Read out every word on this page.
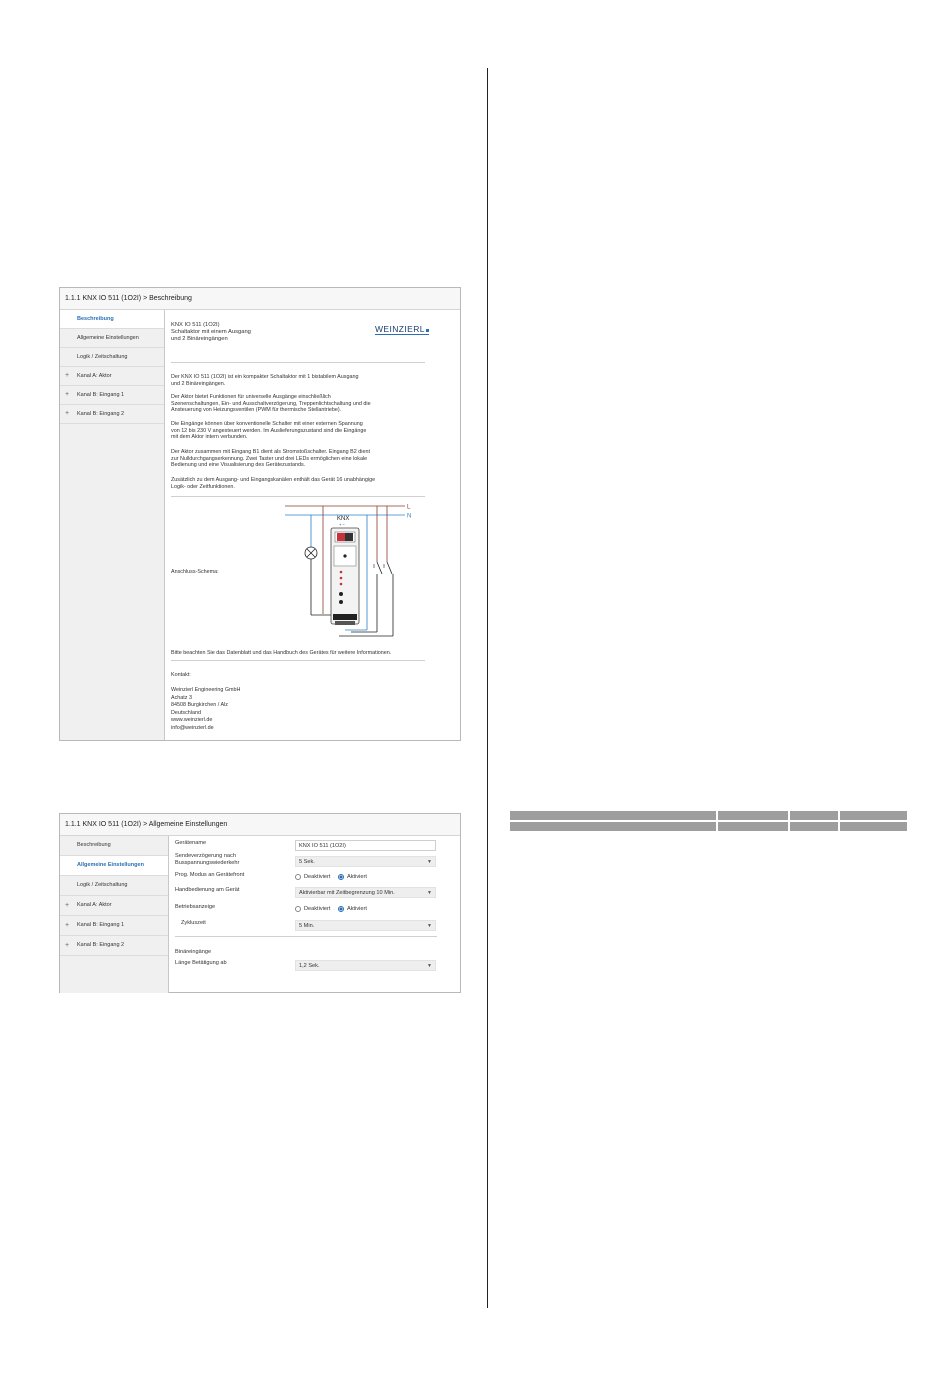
1.1.1 KNX IO 511 (1O2I) > Beschreibung
Beschreibung
Allgemeine Einstellungen
Logik / Zeitschaltung
+ Kanal A: Aktor
+ Kanal B: Eingang 1
+ Kanal B: Eingang 2
KNX IO 511 (1O2I)
Schaltaktor mit einem Ausgang
und 2 Binäreingängen
WEINZIERL
Der KNX IO 511 (1O2I) ist ein kompakter Schaltaktor mit 1 bistabilem Ausgang
und 2 Binäreingängen.
Der Aktor bietet Funktionen für universelle Ausgänge einschließlich
Szenenschaltungen, Ein- und Ausschaltverzögerung, Treppenlichtschaltung und die
Ansteuerung von Heizungsventilen (PWM für thermische Stellantriebe).
Die Eingänge können über konventionelle Schalter mit einer externen Spannung
von 12 bis 230 V angesteuert werden. Im Auslieferungszustand sind die Eingänge
mit dem Aktor intern verbunden.
Der Aktor zusammen mit Eingang B1 dient als Stromstoßschalter. Eingang B2 dient
zur Nulldurchgangserkennung. Zwei Taster und drei LEDs ermöglichen eine lokale
Bedienung und eine Visualisierung des Gerätezustands.
Zusätzlich zu dem Ausgang- und Eingangskanälen enthält das Gerät 16 unabhängige
Logik- oder Zeitfunktionen.
Anschluss-Schema:
L
N
KNX
+ −
Bitte beachten Sie das Datenblatt und das Handbuch des Gerätes für weitere Informationen.
Kontakt:
Weinzierl Engineering GmbH
Achatz 3
84508 Burgkirchen / Alz
Deutschland
www.weinzierl.de
info@weinzierl.de
1.1.1 KNX IO 511 (1O2I) > Allgemeine Einstellungen
Beschreibung
Allgemeine Einstellungen
Logik / Zeitschaltung
+ Kanal A: Aktor
+ Kanal B: Eingang 1
+ Kanal B: Eingang 2
Gerätename	KNX IO 511 (1O2I)
Sendeverzögerung nach
Busspannungswiederkehr	5 Sek.	▼
Prog. Modus an Gerätefront	Deaktiviert	Aktiviert
Handbedienung am Gerät	Aktivierbar mit Zeitbegrenzung 10 Min.	▼
Betriebsanzeige	Deaktiviert	Aktiviert
Zykluszeit	5 Min.	▼
Binäreingänge
Länge Betätigung ab	1,2 Sek.	▼
